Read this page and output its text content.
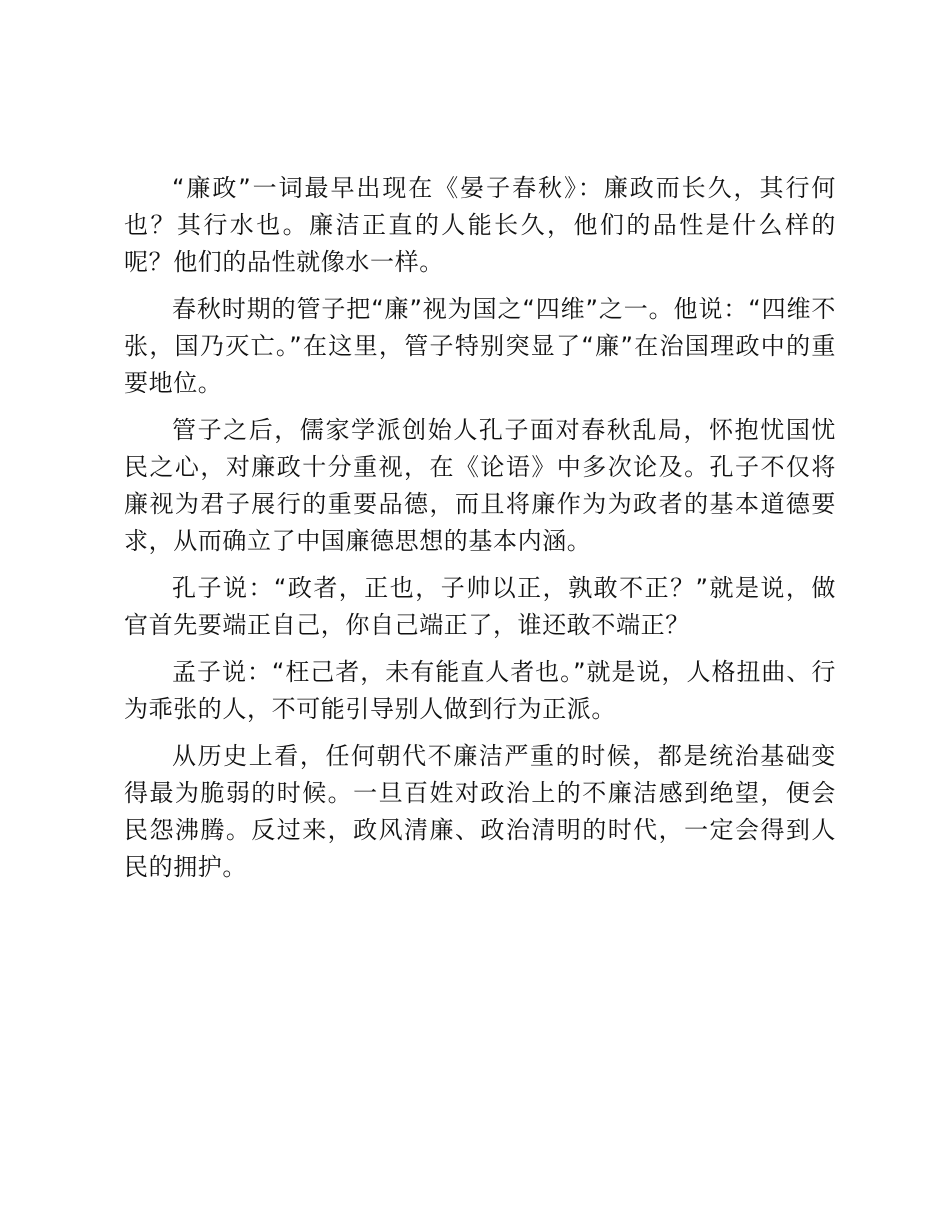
“廉政”一词最早出现在《晏子春秋》：廉政而长久，其行何也？其行水也。廉洁正直的人能长久，他们的品性是什么样的呢？他们的品性就像水一样。

春秋时期的管子把“廉”视为国之“四维”之一。他说：“四维不张，国乃灭亡。”在这里，管子特别突显了“廉”在治国理政中的重要地位。

管子之后，儒家学派创始人孔子面对春秋乱局，怀抱忧国忧民之心，对廉政十分重视，在《论语》中多次论及。孔子不仅将廉视为君子展行的重要品德，而且将廉作为为政者的基本道德要求，从而确立了中国廉德思想的基本内涵。

孔子说：“政者，正也，子帅以正，孰敢不正？”就是说，做官首先要端正自己，你自己端正了，谁还敢不端正？

孟子说：“枉己者，未有能直人者也。”就是说，人格扭曲、行为乖张的人，不可能引导别人做到行为正派。

从历史上看，任何朝代不廉洁严重的时候，都是统治基础变得最为脆弱的时候。一旦百姓对政治上的不廉洁感到绝望，便会民怨沸腾。反过来，政风清廉、政治清明的时代，一定会得到人民的拥护。
